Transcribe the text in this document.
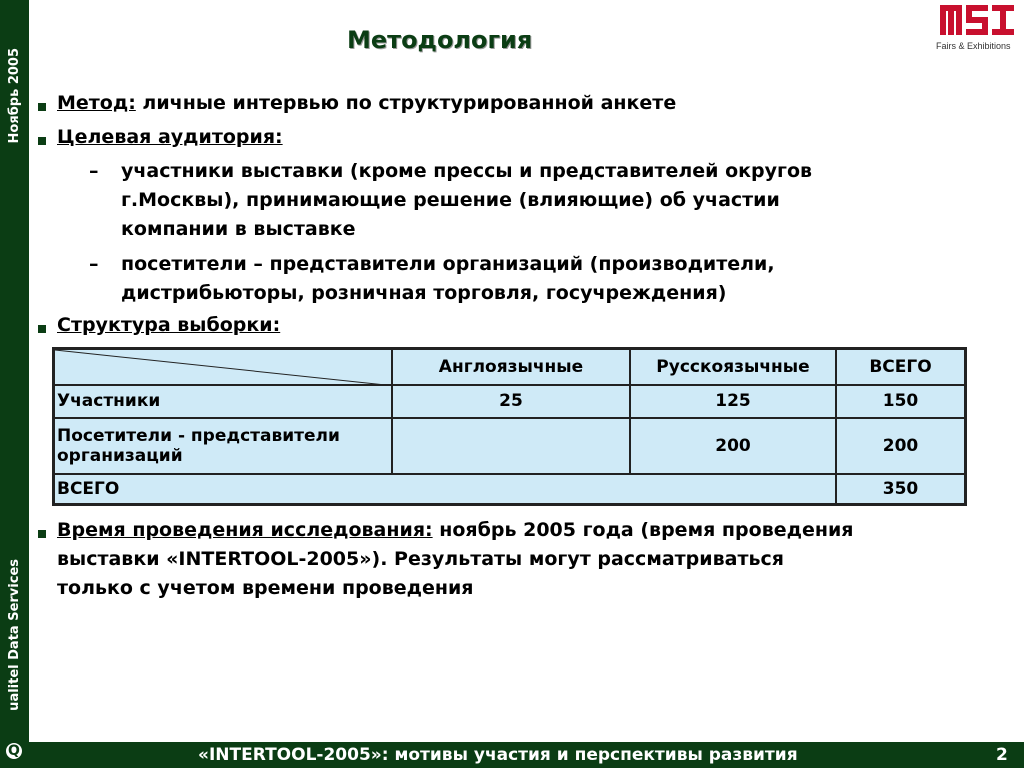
Ноябрь 2005
ualitel Data Services
«INTERTOOL-2005»: мотивы участия и перспективы развития	2
Q
Методология	Fairs & Exhibitions
Метод: личные интервью по структурированной анкете
Целевая аудитория:
– участники выставки (кроме прессы и представителей округов
г.Москвы), принимающие решение (влияющие) об участии
компании в выставке
– посетители – представители организаций (производители,
дистрибьюторы, розничная торговля, госучреждения)
Структура выборки:
	Англоязычные	Русскоязычные	ВСЕГО
Участники	25	125	150

Посетители - представители
организаций		200	200
ВСЕГО			350
Время проведения исследования: ноябрь 2005 года (время проведения
выставки «INTERTOOL-2005»). Результаты могут рассматриваться
только с учетом времени проведения
